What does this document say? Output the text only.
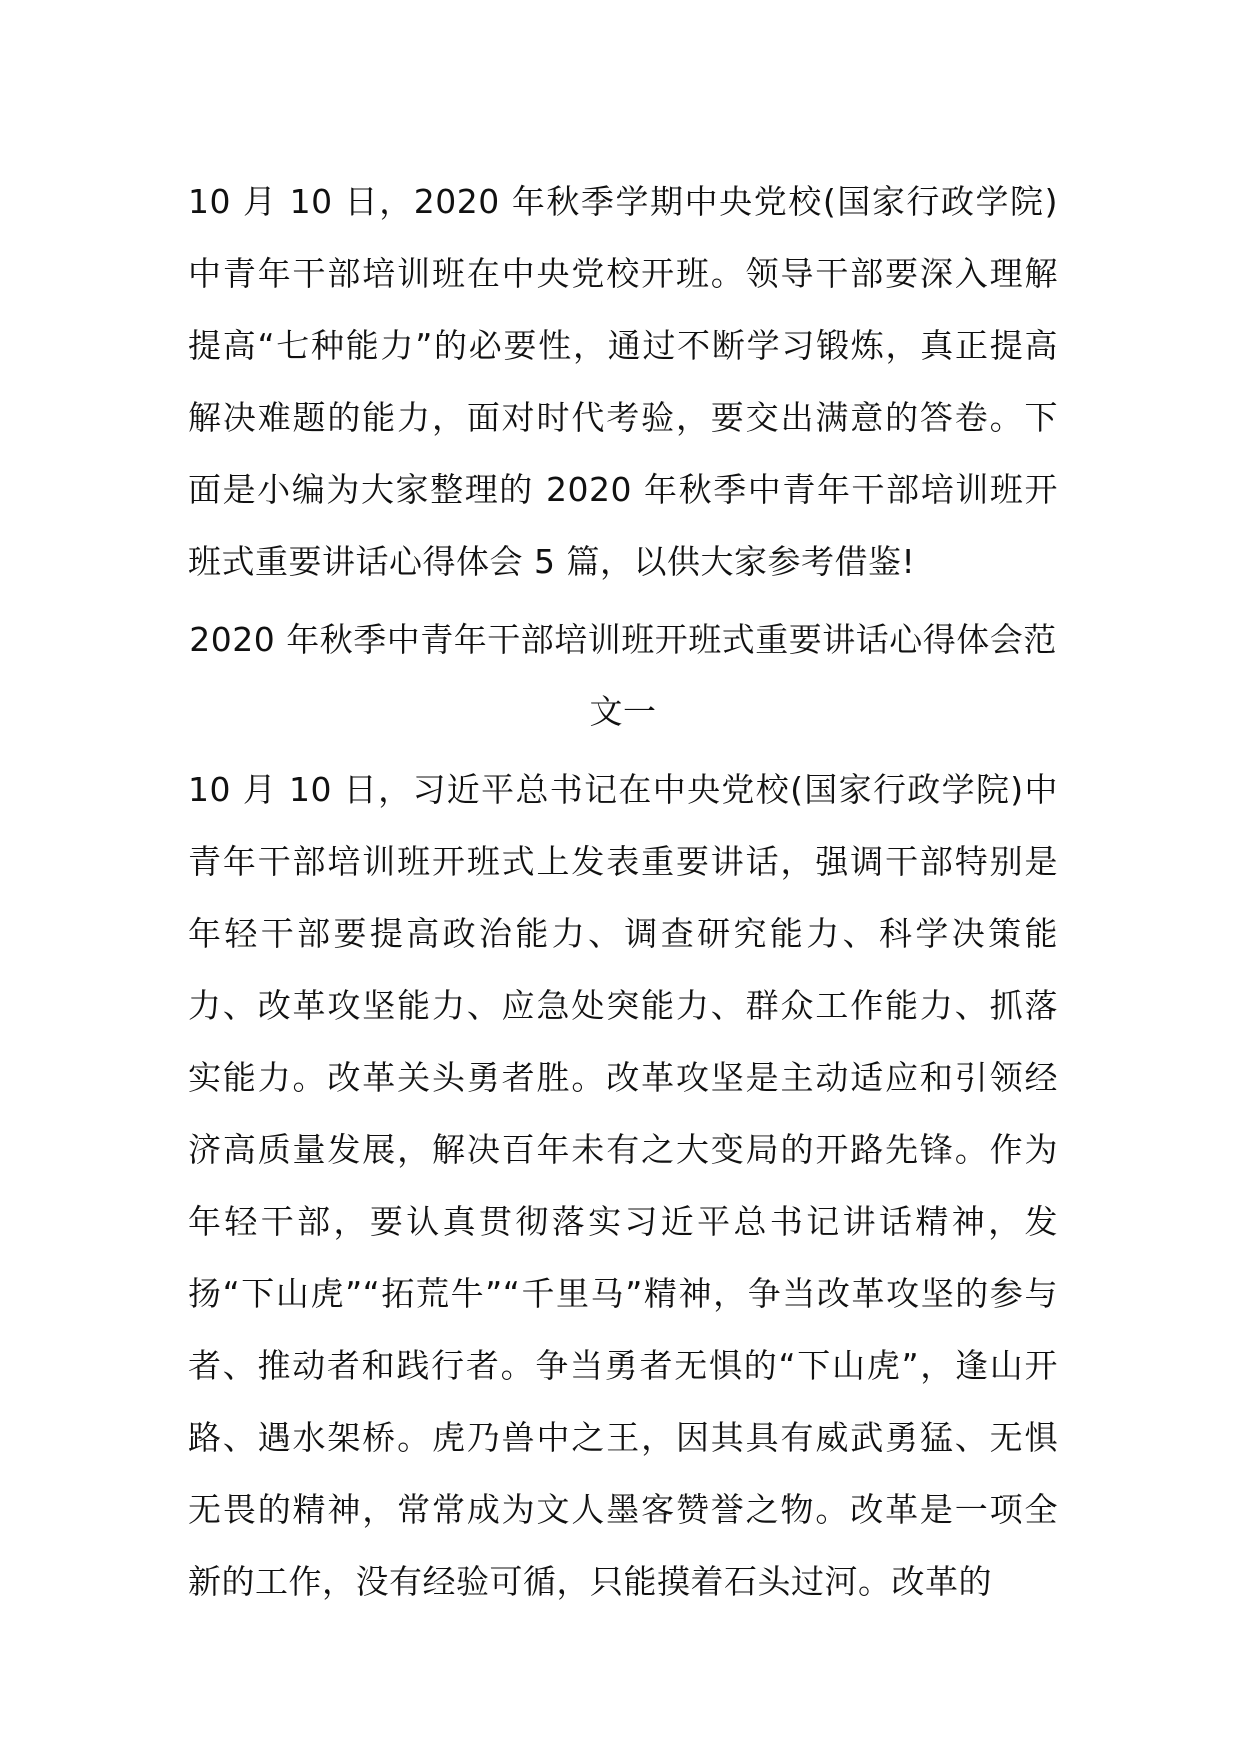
10 月 10 日，2020 年秋季学期中央党校(国家行政学院)中青年干部培训班在中央党校开班。领导干部要深入理解提高“七种能力”的必要性，通过不断学习锻炼，真正提高解决难题的能力，面对时代考验，要交出满意的答卷。下面是小编为大家整理的 2020 年秋季中青年干部培训班开班式重要讲话心得体会 5 篇，以供大家参考借鉴!

2020 年秋季中青年干部培训班开班式重要讲话心得体会范文一

10 月 10 日，习近平总书记在中央党校(国家行政学院)中青年干部培训班开班式上发表重要讲话，强调干部特别是年轻干部要提高政治能力、调查研究能力、科学决策能力、改革攻坚能力、应急处突能力、群众工作能力、抓落实能力。改革关头勇者胜。改革攻坚是主动适应和引领经济高质量发展，解决百年未有之大变局的开路先锋。作为年轻干部，要认真贯彻落实习近平总书记讲话精神，发扬“下山虎”“拓荒牛”“千里马”精神，争当改革攻坚的参与者、推动者和践行者。争当勇者无惧的“下山虎”，逢山开路、遇水架桥。虎乃兽中之王，因其具有威武勇猛、无惧无畏的精神，常常成为文人墨客赞誉之物。改革是一项全新的工作，没有经验可循，只能摸着石头过河。改革的
